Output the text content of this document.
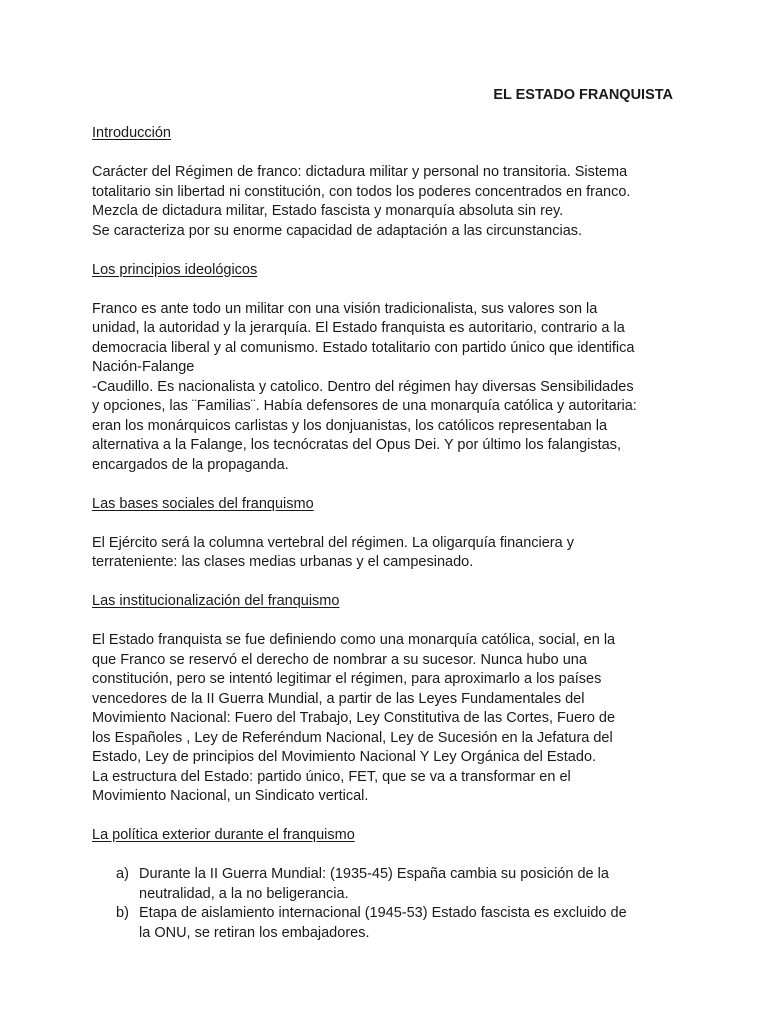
EL ESTADO FRANQUISTA
Introducción
Carácter del Régimen de franco: dictadura militar y personal no transitoria. Sistema
totalitario sin libertad ni constitución, con todos los poderes concentrados en franco.
Mezcla de dictadura militar, Estado fascista y monarquía absoluta sin rey.
Se caracteriza por su enorme capacidad de adaptación a las circunstancias.
Los principios ideológicos
Franco es ante todo un militar con una visión tradicionalista, sus valores son la
unidad, la autoridad y la jerarquía. El Estado franquista es autoritario, contrario a la
democracia liberal y al comunismo. Estado totalitario con partido único que identifica
Nación-Falange
-Caudillo. Es nacionalista y catolico. Dentro del régimen hay diversas Sensibilidades
y opciones, las ¨Familias¨. Había defensores de una monarquía católica y autoritaria:
eran los monárquicos carlistas y los donjuanistas, los católicos representaban la
alternativa a la Falange, los tecnócratas del Opus Dei. Y por último los falangistas,
encargados de la propaganda.
Las bases sociales del franquismo
El Ejército será la columna vertebral del régimen. La oligarquía financiera y
terrateniente: las clases medias urbanas y el campesinado.
Las institucionalización del franquismo
El Estado franquista se fue definiendo como una monarquía católica, social, en la
que Franco se reservó el derecho de nombrar a su sucesor. Nunca hubo una
constitución, pero se intentó legitimar el régimen, para aproximarlo a los países
vencedores de la II Guerra Mundial, a partir de las Leyes Fundamentales del
Movimiento Nacional: Fuero del Trabajo, Ley Constitutiva de las Cortes, Fuero de
los Españoles , Ley de Referéndum Nacional, Ley de Sucesión en la Jefatura del
Estado, Ley de principios del Movimiento Nacional Y Ley Orgánica del Estado.
La estructura del Estado: partido único, FET, que se va a transformar en el
Movimiento Nacional, un Sindicato vertical.
La política exterior durante el franquismo
a) Durante la II Guerra Mundial: (1935-45) España cambia su posición de la
neutralidad, a la no beligerancia.
b) Etapa de aislamiento internacional (1945-53) Estado fascista es excluido de
la ONU, se retiran los embajadores.
